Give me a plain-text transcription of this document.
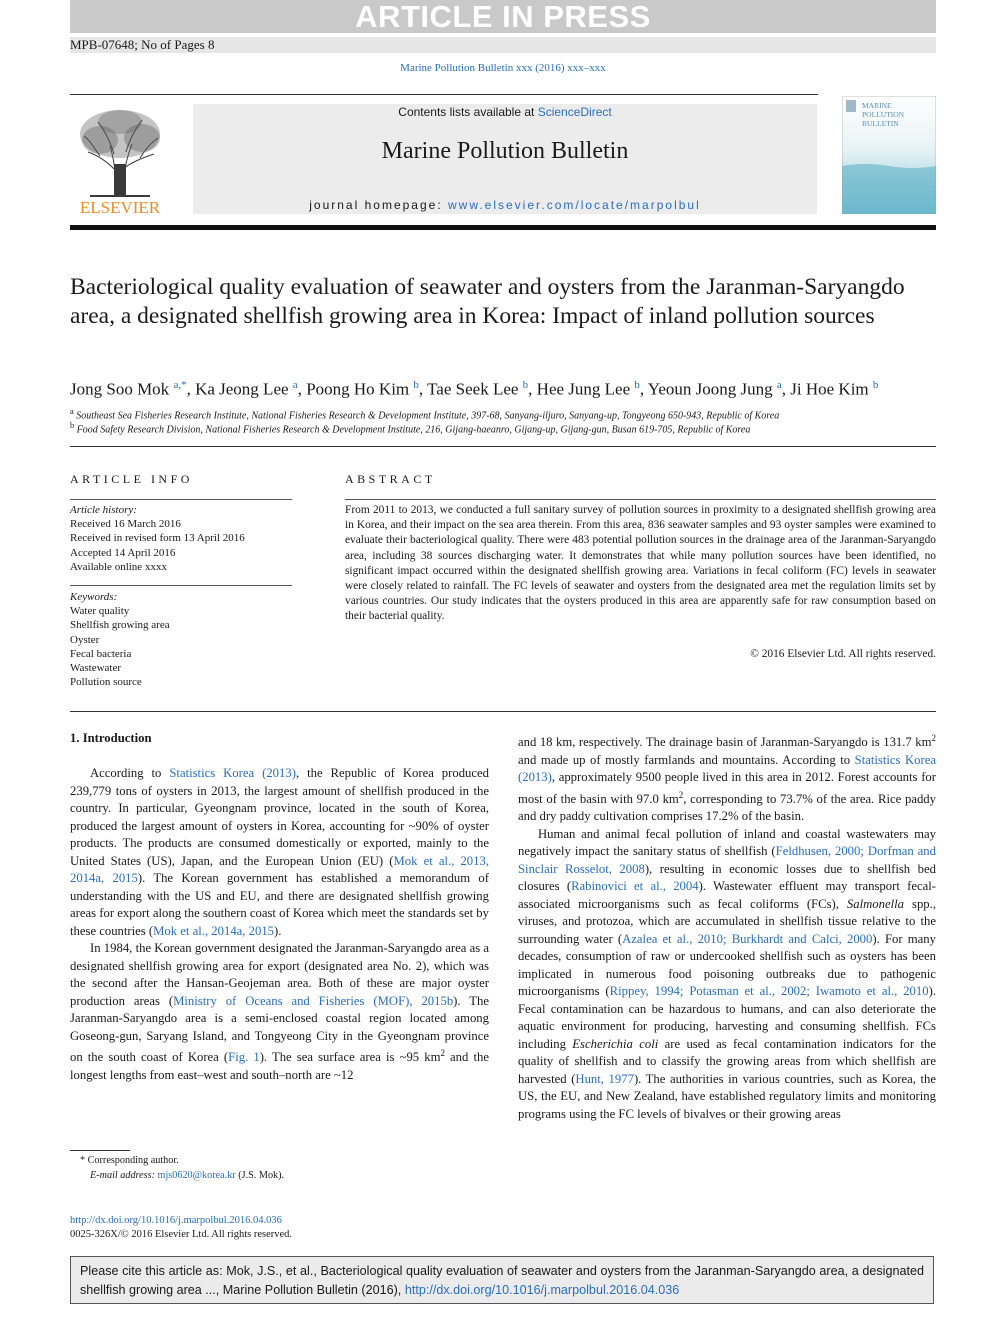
ARTICLE IN PRESS
MPB-07648; No of Pages 8
Marine Pollution Bulletin xxx (2016) xxx–xxx
ELSEVIER
Contents lists available at ScienceDirect
Marine Pollution Bulletin
journal homepage: www.elsevier.com/locate/marpolbul
MARINE POLLUTION BULLETIN
Bacteriological quality evaluation of seawater and oysters from the Jaranman-Saryangdo area, a designated shellfish growing area in Korea: Impact of inland pollution sources
Jong Soo Mok $^{a,*}$, Ka Jeong Lee $^a$, Poong Ho Kim $^b$, Tae Seek Lee $^b$, Hee Jung Lee $^b$, Yeoun Joong Jung $^a$, Ji Hoe Kim $^b$
$^a$ Southeast Sea Fisheries Research Institute, National Fisheries Research & Development Institute, 397-68, Sanyang-iljuro, Sanyang-up, Tongyeong 650-943, Republic of Korea
$^b$ Food Safety Research Division, National Fisheries Research & Development Institute, 216, Gijang-haeanro, Gijang-up, Gijang-gun, Busan 619-705, Republic of Korea
ARTICLE INFO	ABSTRACT
Article history:
Received 16 March 2016
Received in revised form 13 April 2016
Accepted 14 April 2016
Available online xxxx
Keywords:
Water quality
Shellfish growing area
Oyster
Fecal bacteria
Wastewater
Pollution source
From 2011 to 2013, we conducted a full sanitary survey of pollution sources in proximity to a designated shellfish growing area in Korea, and their impact on the sea area therein. From this area, 836 seawater samples and 93 oyster samples were examined to evaluate their bacteriological quality. There were 483 potential pollution sources in the drainage area of the Jaranman-Saryangdo area, including 38 sources discharging water. It demonstrates that while many pollution sources have been identified, no significant impact occurred within the designated shellfish growing area. Variations in fecal coliform (FC) levels in seawater were closely related to rainfall. The FC levels of seawater and oysters from the designated area met the regulation limits set by various countries. Our study indicates that the oysters produced in this area are apparently safe for raw consumption based on their bacterial quality.
© 2016 Elsevier Ltd. All rights reserved.
1. Introduction

According to Statistics Korea (2013), the Republic of Korea produced 239,779 tons of oysters in 2013, the largest amount of shellfish produced in the country. In particular, Gyeongnam province, located in the south of Korea, produced the largest amount of oysters in Korea, accounting for ~90% of oyster products. The products are consumed domestically or exported, mainly to the United States (US), Japan, and the European Union (EU) (Mok et al., 2013, 2014a, 2015). The Korean government has established a memorandum of understanding with the US and EU, and there are designated shellfish growing areas for export along the southern coast of Korea which meet the standards set by these countries (Mok et al., 2014a, 2015).

In 1984, the Korean government designated the Jaranman-Saryangdo area as a designated shellfish growing area for export (designated area No. 2), which was the second after the Hansan-Geojeman area. Both of these are major oyster production areas (Ministry of Oceans and Fisheries (MOF), 2015b). The Jaranman-Saryangdo area is a semi-enclosed coastal region located among Goseong-gun, Saryang Island, and Tongyeong City in the Gyeongnam province on the south coast of Korea (Fig. 1). The sea surface area is ~95 $km^2$ and the longest lengths from east–west and south–north are ~12

and 18 km, respectively. The drainage basin of Jaranman-Saryangdo is 131.7 $km^2$ and made up of mostly farmlands and mountains. According to Statistics Korea (2013), approximately 9500 people lived in this area in 2012. Forest accounts for most of the basin with 97.0 $km^2$, corresponding to 73.7% of the area. Rice paddy and dry paddy cultivation comprises 17.2% of the basin.

Human and animal fecal pollution of inland and coastal wastewaters may negatively impact the sanitary status of shellfish (Feldhusen, 2000; Dorfman and Sinclair Rosselot, 2008), resulting in economic losses due to shellfish bed closures (Rabinovici et al., 2004). Wastewater effluent may transport fecal-associated microorganisms such as fecal coliforms (FCs), Salmonella spp., viruses, and protozoa, which are accumulated in shellfish tissue relative to the surrounding water (Azalea et al., 2010; Burkhardt and Calci, 2000). For many decades, consumption of raw or undercooked shellfish such as oysters has been implicated in numerous food poisoning outbreaks due to pathogenic microorganisms (Rippey, 1994; Potasman et al., 2002; Iwamoto et al., 2010). Fecal contamination can be hazardous to humans, and can also deteriorate the aquatic environment for producing, harvesting and consuming shellfish. FCs including Escherichia coli are used as fecal contamination indicators for the quality of shellfish and to classify the growing areas from which shellfish are harvested (Hunt, 1977). The authorities in various countries, such as Korea, the US, the EU, and New Zealand, have established regulatory limits and monitoring programs using the FC levels of bivalves or their growing areas

* Corresponding author.
E-mail address: mjs0620@korea.kr (J.S. Mok).
http://dx.doi.org/10.1016/j.marpolbul.2016.04.036
0025-326X/© 2016 Elsevier Ltd. All rights reserved.
Please cite this article as: Mok, J.S., et al., Bacteriological quality evaluation of seawater and oysters from the Jaranman-Saryangdo area, a designated shellfish growing area ..., Marine Pollution Bulletin (2016), http://dx.doi.org/10.1016/j.marpolbul.2016.04.036
